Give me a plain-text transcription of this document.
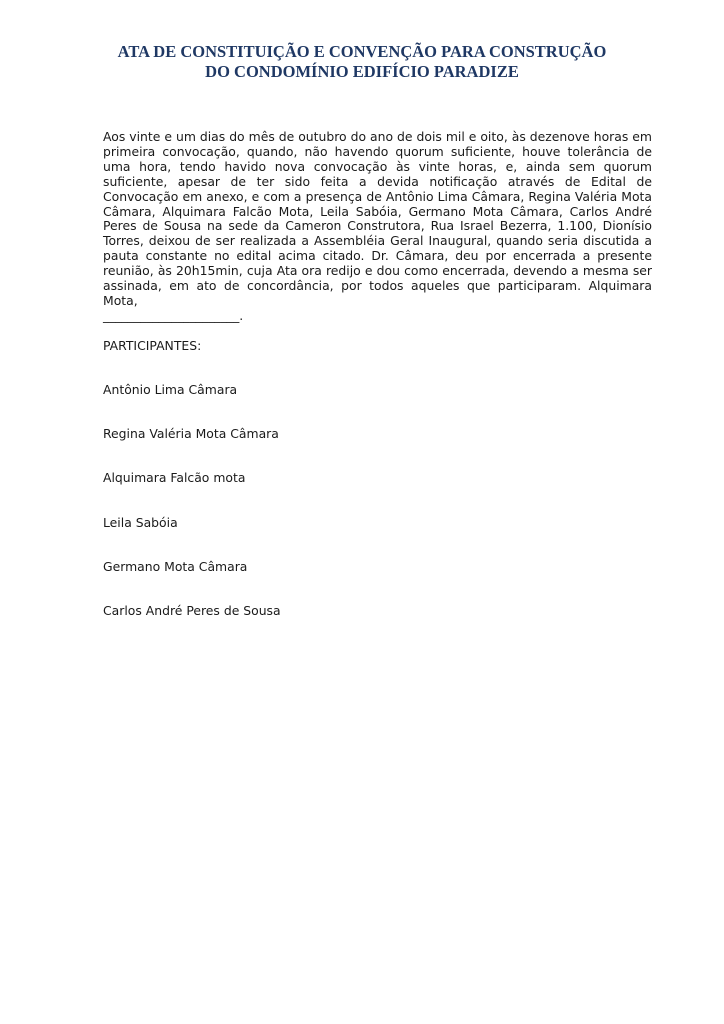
ATA DE CONSTITUIÇÃO E CONVENÇÃO PARA CONSTRUÇÃO
DO CONDOMÍNIO EDIFÍCIO PARADIZE

Aos vinte e um dias do mês de outubro do ano de dois mil e oito, às dezenove horas em primeira convocação, quando, não havendo quorum suficiente, houve tolerância de uma hora, tendo havido nova convocação às vinte horas, e, ainda sem quorum suficiente, apesar de ter sido feita a devida notificação através de Edital de Convocação em anexo, e com a presença de Antônio Lima Câmara, Regina Valéria Mota Câmara, Alquimara Falcão Mota, Leila Sabóia, Germano Mota Câmara, Carlos André Peres de Sousa na sede da Cameron Construtora, Rua Israel Bezerra, 1.100, Dionísio Torres, deixou de ser realizada a Assembléia Geral Inaugural, quando seria discutida a pauta constante no edital acima citado. Dr. Câmara, deu por encerrada a presente reunião, às 20h15min, cuja Ata ora redijo e dou como encerrada, devendo a mesma ser assinada, em ato de concordância, por todos aqueles que participaram. Alquimara Mota,
______________________.

PARTICIPANTES:

Antônio Lima Câmara
Regina Valéria Mota Câmara
Alquimara Falcão mota
Leila Sabóia
Germano Mota Câmara
Carlos André Peres de Sousa
